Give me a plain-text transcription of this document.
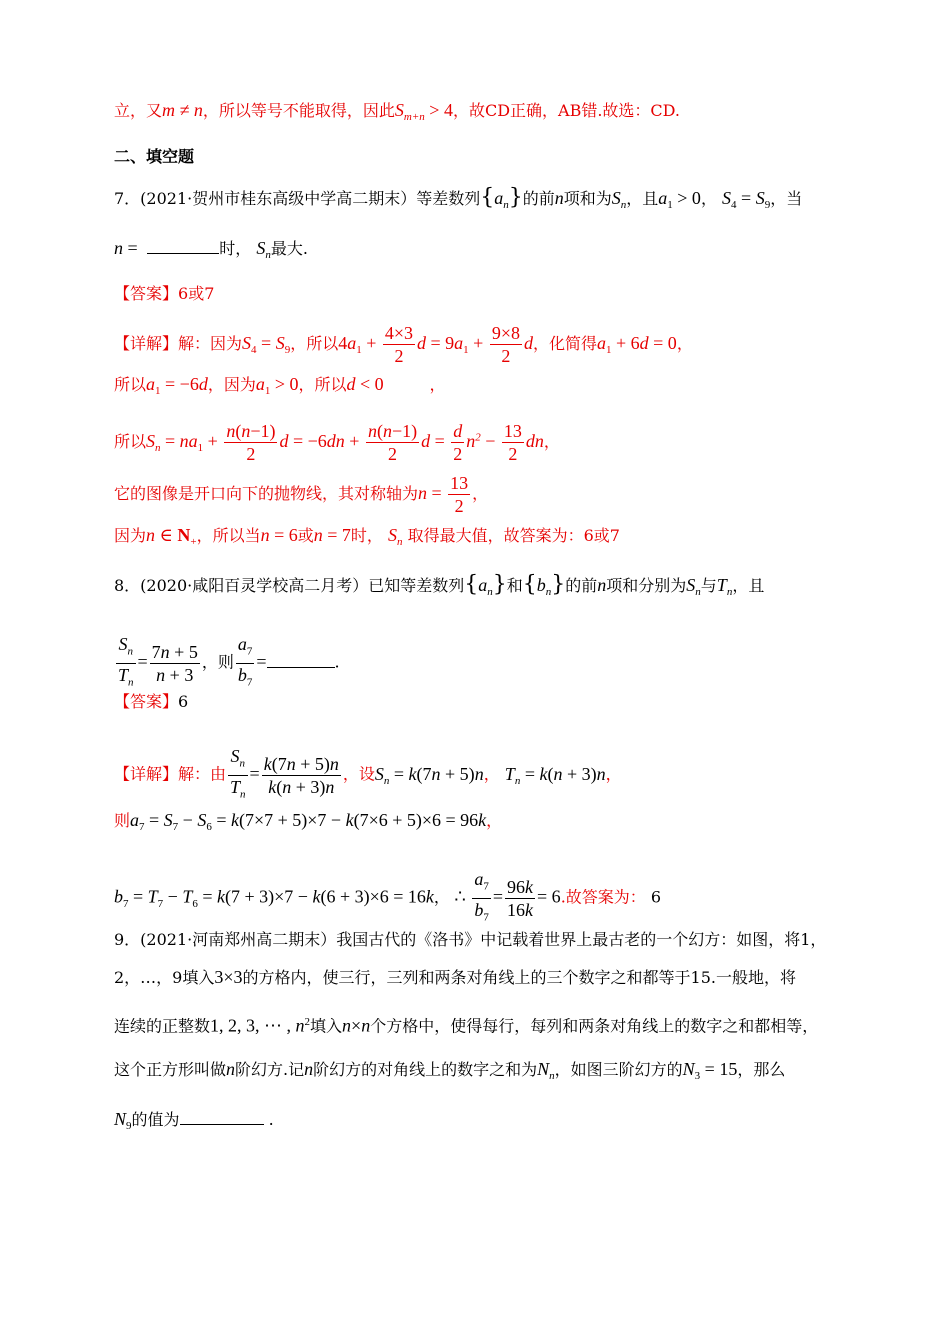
立，又m ≠ n，所以等号不能取得，因此$S_{m+n} > 4$，故CD正确，AB错.故选：CD.
二、填空题
7．(2021·贺州市桂东高级中学高二期末）等差数列$\{a_n\}$的前n项和为$S_n$，且$a_1 > 0$， $S_4 = S_9$，当
n =	时， $S_n$最大.
【答案】6或7
【详解】解：因为$S_4 = S_9$，所以$4a_1 + \frac{4\times 3}{2}$ $d = 9a_1 + \frac{9\times 8}{2}$ d，化简得$a_1 + 6d = 0$，
所以$a_1 = -6d$，因为$a_1 > 0$，所以d < 0	，
所以$S_n = na_1 + \frac{n(n-1)}{2}$ $d = -6dn + \frac{n(n-1)}{2}$ $d = \frac{d}{2} n^2 - \frac{13}{2}$ dn，
它的图像是开口向下的抛物线，其对称轴为$n = \frac{13}{2}$ ，
因为n ∈ $N_+$，所以当n = 6或n = 7时， $S_n$ 取得最大值，故答案为：6或7
8．(2020·咸阳百灵学校高二月考）已知等差数列$\{a_n\}$和$\{b_n\}$的前n项和分别为$S_n$与$T_n$，且
$\frac{S_n}{T_n} = \frac{7n + 5}{n + 3}$ ，则 $\frac{a_7}{b_7}$ =	.
【答案】6
【详解】解：由 $\frac{S_n}{T_n} = \frac{k(7n + 5)n}{k(n + 3)n}$ ，设$S_n = k(7n + 5)n$， $T_n = k(n + 3)n$，
则$a_7 = S_7 - S_6 = k(7\times 7 + 5)\times 7 - k(7\times 6 + 5)\times 6 = 96k$，
$b_7 = T_7 - T_6 = k(7 + 3)\times 7 - k(6 + 3)\times 6 = 16k$， ∴ $\frac{a_7}{b_7} = \frac{96k}{16k} = 6$.故答案为： 6
9．(2021·河南郑州高二期末）我国古代的《洛书》中记载着世界上最古老的一个幻方：如图，将1，
2，…，9填入3×3的方格内，使三行，三列和两条对角线上的三个数字之和都等于15.一般地，将
连续的正整数1, 2, 3, ⋯ , $n^2$填入n×n个方格中，使得每行，每列和两条对角线上的数字之和都相等，
这个正方形叫做n阶幻方.记n阶幻方的对角线上的数字之和为$N_n$，如图三阶幻方的$N_3 = 15$，那么
$N_9$的值为	.
